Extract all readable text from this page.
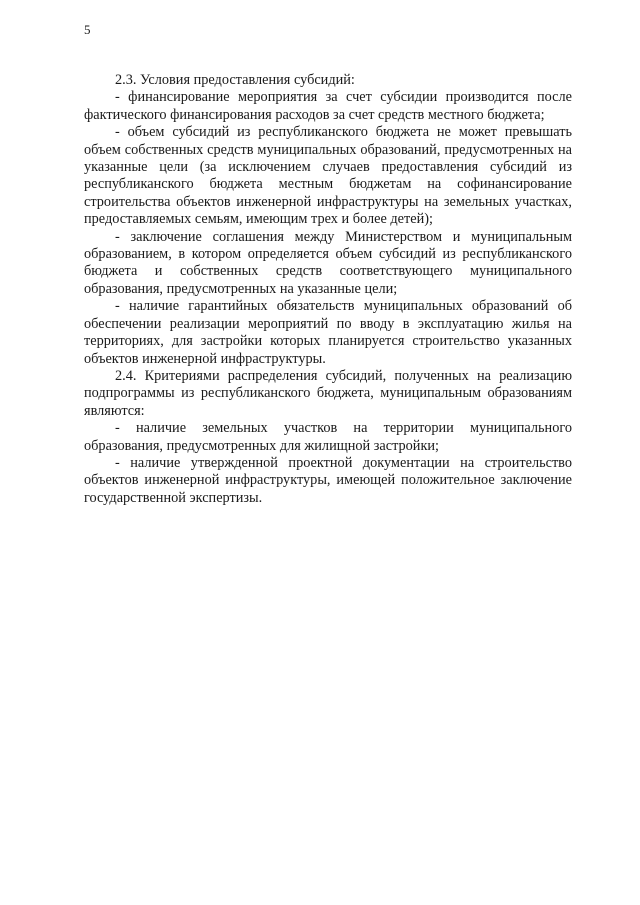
5

2.3. Условия предоставления субсидий:

- финансирование мероприятия за счет субсидии производится после фактического финансирования расходов за счет средств местного бюджета;

- объем субсидий из республиканского бюджета не может превышать объем собственных средств муниципальных образований, предусмотренных на указанные цели (за исключением случаев предоставления субсидий из республиканского бюджета местным бюджетам на софинансирование строительства объектов инженерной инфраструктуры на земельных участках, предоставляемых семьям, имеющим трех и более детей);

- заключение соглашения между Министерством и муниципальным образованием, в котором определяется объем субсидий из республиканского бюджета и собственных средств соответствующего муниципального образования, предусмотренных на указанные цели;

- наличие гарантийных обязательств муниципальных образований об обеспечении реализации мероприятий по вводу в эксплуатацию жилья на территориях, для застройки которых планируется строительство указанных объектов инженерной инфраструктуры.

2.4. Критериями распределения субсидий, полученных на реализацию подпрограммы из республиканского бюджета, муниципальным образованиям являются:

- наличие земельных участков на территории муниципального образования, предусмотренных для жилищной застройки;

- наличие утвержденной проектной документации на строительство объектов инженерной инфраструктуры, имеющей положительное заключение государственной экспертизы.
